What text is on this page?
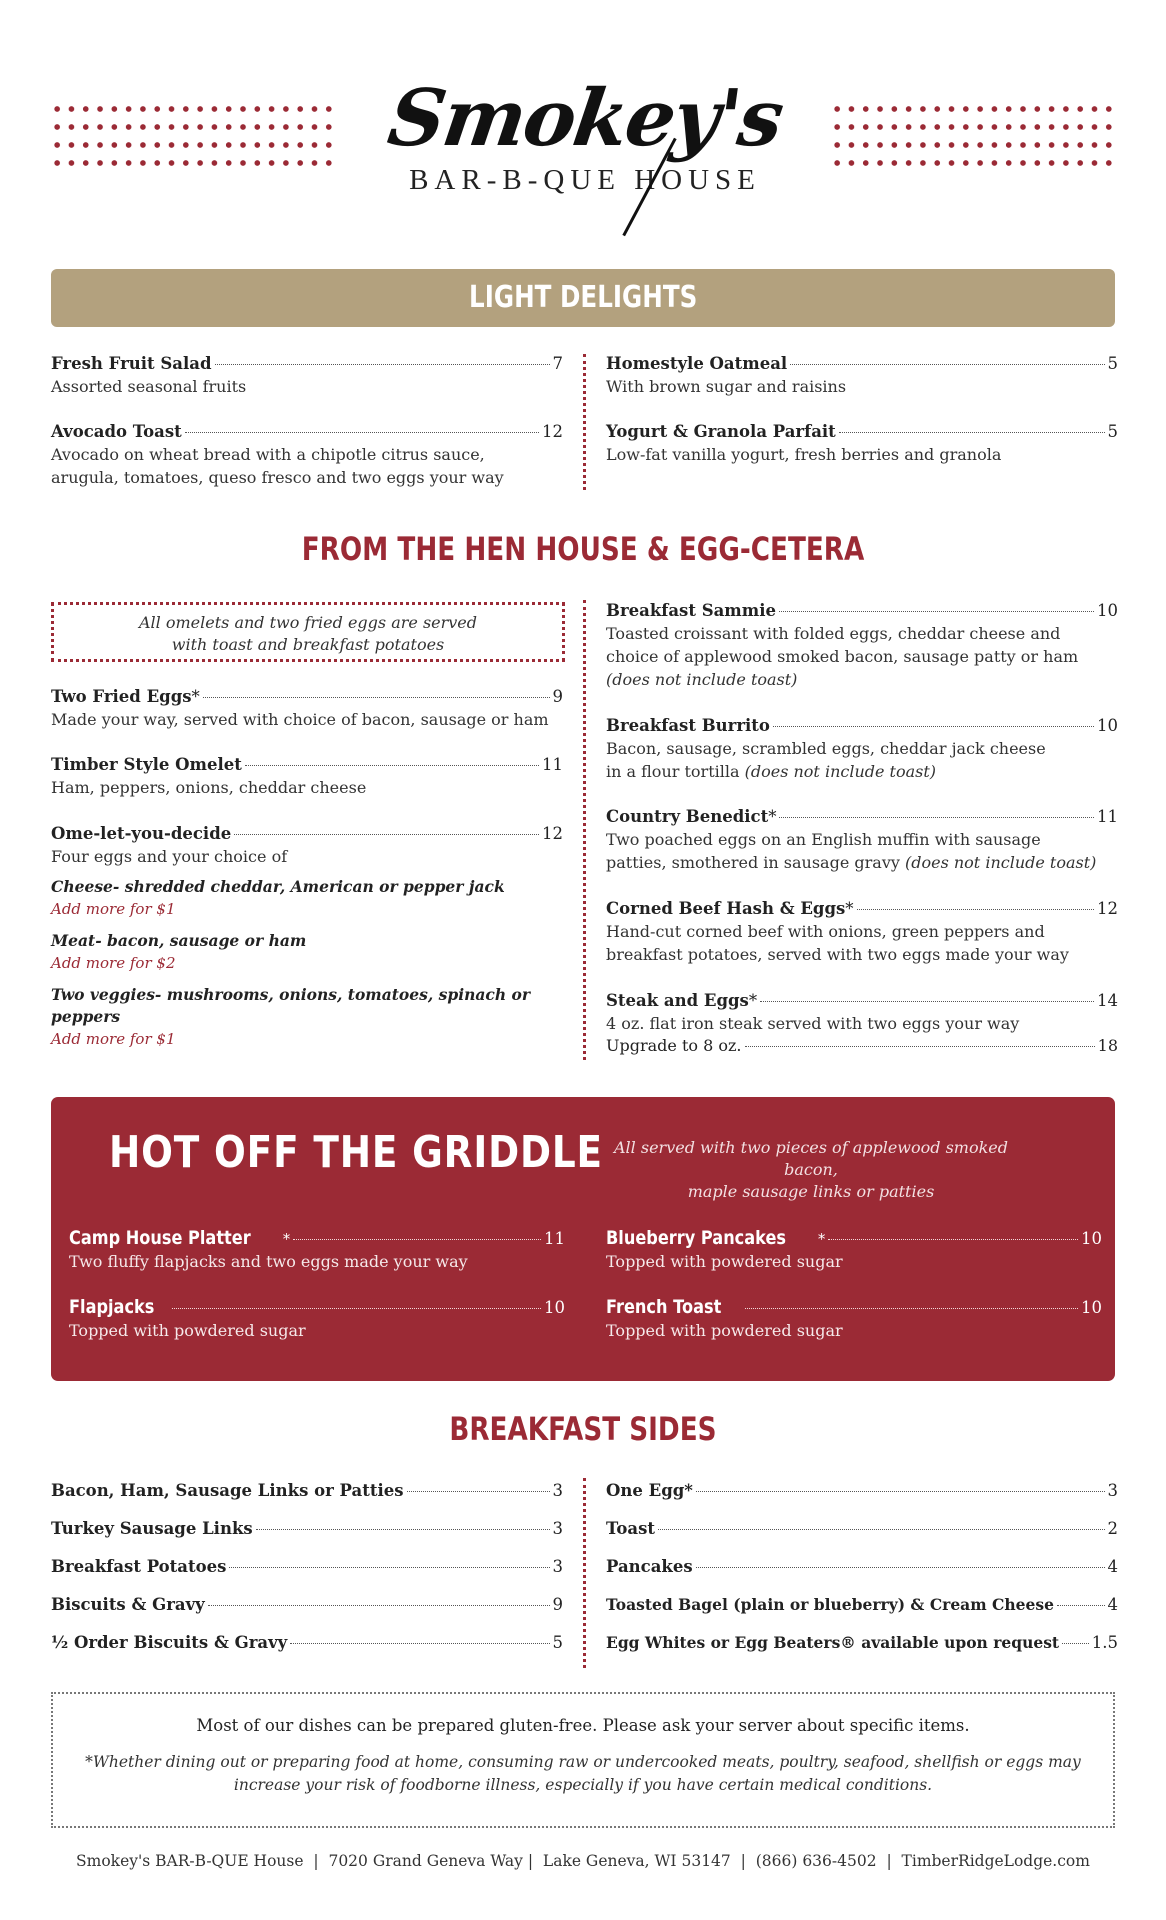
Smokey's
BAR-B-QUE HOUSE
LIGHT DELIGHTS
Fresh Fruit Salad	7
Assorted seasonal fruits
Avocado Toast	12
Avocado on wheat bread with a chipotle citrus sauce,
arugula, tomatoes, queso fresco and two eggs your way
Homestyle Oatmeal	5
With brown sugar and raisins
Yogurt & Granola Parfait	5
Low-fat vanilla yogurt, fresh berries and granola
FROM THE HEN HOUSE & EGG-CETERA
All omelets and two fried eggs are served
with toast and breakfast potatoes
Two Fried Eggs*	9
Made your way, served with choice of bacon, sausage or ham
Timber Style Omelet	11
Ham, peppers, onions, cheddar cheese
Ome-let-you-decide	12
Four eggs and your choice of
Cheese- shredded cheddar, American or pepper jack
Add more for $1
Meat- bacon, sausage or ham
Add more for $2
Two veggies- mushrooms, onions, tomatoes, spinach or peppers
Add more for $1
Breakfast Sammie	10
Toasted croissant with folded eggs, cheddar cheese and
choice of applewood smoked bacon, sausage patty or ham
(does not include toast)
Breakfast Burrito	10
Bacon, sausage, scrambled eggs, cheddar jack cheese
in a flour tortilla (does not include toast)
Country Benedict*	11
Two poached eggs on an English muffin with sausage
patties, smothered in sausage gravy (does not include toast)
Corned Beef Hash & Eggs*	12
Hand-cut corned beef with onions, green peppers and
breakfast potatoes, served with two eggs made your way
Steak and Eggs*	14
4 oz. flat iron steak served with two eggs your way
Upgrade to 8 oz.	18
HOT OFF THE GRIDDLE All served with two pieces of applewood smoked bacon,
maple sausage links or patties
Camp House Platter *	11
Two fluffy flapjacks and two eggs made your way
Blueberry Pancakes *	10
Topped with powdered sugar
Flapjacks	10
Topped with powdered sugar
French Toast	10
Topped with powdered sugar
BREAKFAST SIDES
Bacon, Ham, Sausage Links or Patties	3
Turkey Sausage Links	3
Breakfast Potatoes	3
Biscuits & Gravy	9
½ Order Biscuits & Gravy	5
One Egg*	3
Toast	2
Pancakes	4
Toasted Bagel (plain or blueberry) & Cream Cheese	4
Egg Whites or Egg Beaters® available upon request 1.5
Most of our dishes can be prepared gluten-free. Please ask your server about specific items.
*Whether dining out or preparing food at home, consuming raw or undercooked meats, poultry, seafood, shellfish or eggs may
increase your risk of foodborne illness, especially if you have certain medical conditions.
Smokey's BAR-B-QUE House  |  7020 Grand Geneva Way |  Lake Geneva, WI 53147  |  (866) 636-4502  |  TimberRidgeLodge.com
